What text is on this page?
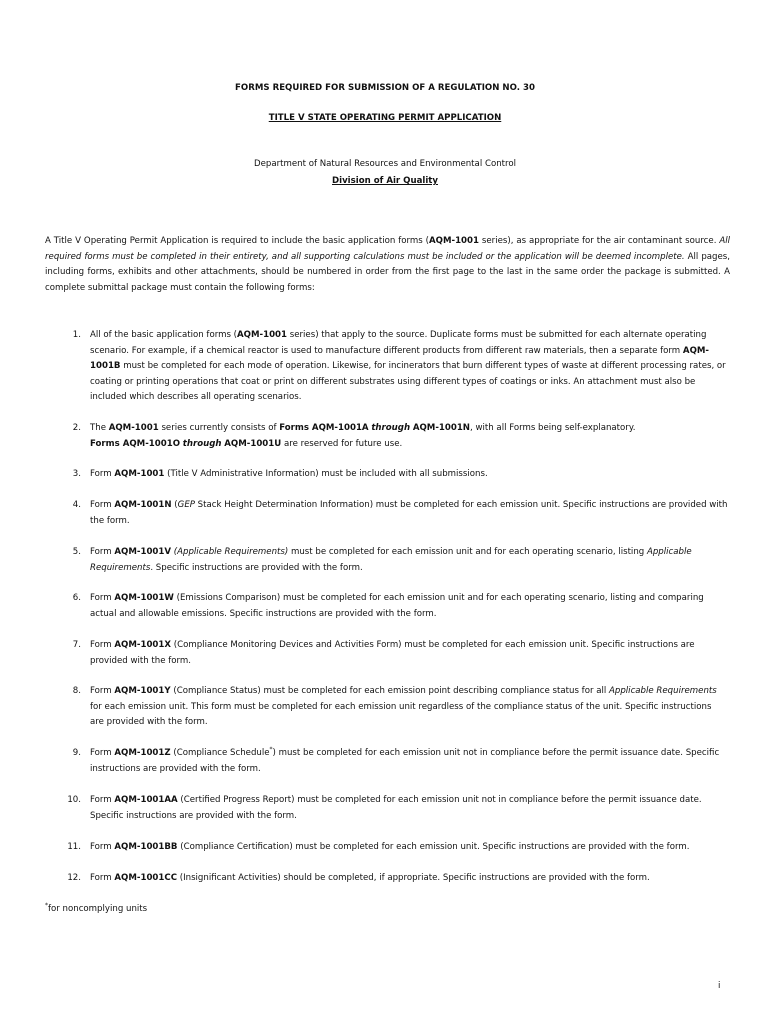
FORMS REQUIRED FOR SUBMISSION OF A REGULATION NO. 30
TITLE V STATE OPERATING PERMIT APPLICATION
Department of Natural Resources and Environmental Control
Division of Air Quality
A Title V Operating Permit Application is required to include the basic application forms (AQM-1001 series), as appropriate for the air contaminant source. All required forms must be completed in their entirety, and all supporting calculations must be included or the application will be deemed incomplete. All pages, including forms, exhibits and other attachments, should be numbered in order from the first page to the last in the same order the package is submitted. A complete submittal package must contain the following forms:
1. All of the basic application forms (AQM-1001 series) that apply to the source. Duplicate forms must be submitted for each alternate operating scenario. For example, if a chemical reactor is used to manufacture different products from different raw materials, then a separate form AQM-1001B must be completed for each mode of operation. Likewise, for incinerators that burn different types of waste at different processing rates, or coating or printing operations that coat or print on different substrates using different types of coatings or inks. An attachment must also be included which describes all operating scenarios.
2. The AQM-1001 series currently consists of Forms AQM-1001A through AQM-1001N, with all Forms being self-explanatory.
Forms AQM-1001O through AQM-1001U are reserved for future use.
3. Form AQM-1001 (Title V Administrative Information) must be included with all submissions.
4. Form AQM-1001N (GEP Stack Height Determination Information) must be completed for each emission unit. Specific instructions are provided with the form.
5. Form AQM-1001V (Applicable Requirements) must be completed for each emission unit and for each operating scenario, listing Applicable Requirements. Specific instructions are provided with the form.
6. Form AQM-1001W (Emissions Comparison) must be completed for each emission unit and for each operating scenario, listing and comparing actual and allowable emissions. Specific instructions are provided with the form.
7. Form AQM-1001X (Compliance Monitoring Devices and Activities Form) must be completed for each emission unit. Specific instructions are provided with the form.
8. Form AQM-1001Y (Compliance Status) must be completed for each emission point describing compliance status for all Applicable Requirements for each emission unit. This form must be completed for each emission unit regardless of the compliance status of the unit. Specific instructions are provided with the form.
9. Form AQM-1001Z (Compliance Schedule*) must be completed for each emission unit not in compliance before the permit issuance date. Specific instructions are provided with the form.
10. Form AQM-1001AA (Certified Progress Report) must be completed for each emission unit not in compliance before the permit issuance date. Specific instructions are provided with the form.
11. Form AQM-1001BB (Compliance Certification) must be completed for each emission unit. Specific instructions are provided with the form.
12. Form AQM-1001CC (Insignificant Activities) should be completed, if appropriate. Specific instructions are provided with the form.
*for noncomplying units
i
